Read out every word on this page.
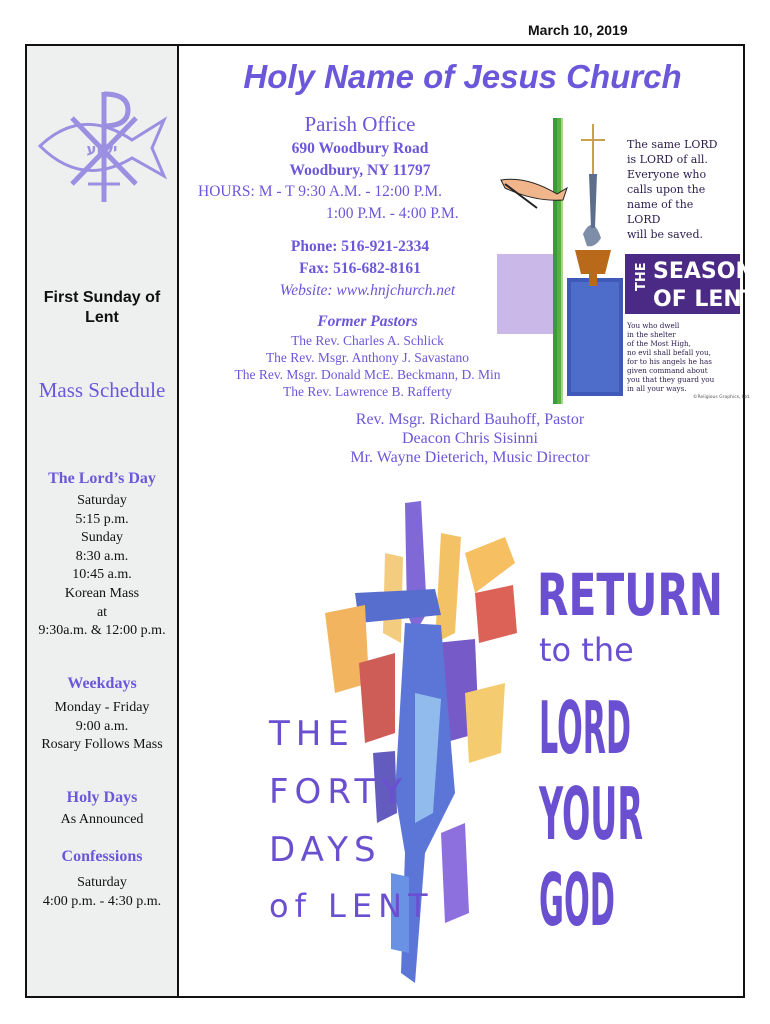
March 10, 2019
ישוע
First Sunday of Lent
Mass Schedule
The Lord’s Day
Saturday
5:15 p.m.
Sunday
8:30 a.m.
10:45 a.m.
Korean Mass
at
9:30a.m. & 12:00 p.m.
Weekdays
Monday - Friday
9:00 a.m.
Rosary Follows Mass
Holy Days
As Announced
Confessions
Saturday
4:00 p.m. - 4:30 p.m.
Holy Name of Jesus Church
Parish Office
690 Woodbury Road
Woodbury, NY 11797
HOURS: M - T 9:30 A.M. - 12:00 P.M.
1:00 P.M. - 4:00 P.M.
Phone: 516-921-2334
Fax: 516-682-8161
Website: www.hnjchurch.net
Former Pastors
The Rev. Charles A. Schlick
The Rev. Msgr. Anthony J. Savastano
The Rev. Msgr. Donald McE. Beckmann, D. Min
The Rev. Lawrence B. Rafferty
Rev. Msgr. Richard Bauhoff, Pastor
Deacon Chris Sisinni
Mr. Wayne Dieterich, Music Director
The same LORD
is LORD of all.
Everyone who
calls upon the
name of the
LORD
will be saved.
THE SEASON
OF LENT
You who dwell
in the shelter
of the Most High,
no evil shall befall you,
for to his angels he has
given command about
you that they guard you
in all your ways.
©Religious Graphics, Ltd.
THE
FORTY
DAYS
of LENT
RETURN
to the
LORD
YOUR
GOD
